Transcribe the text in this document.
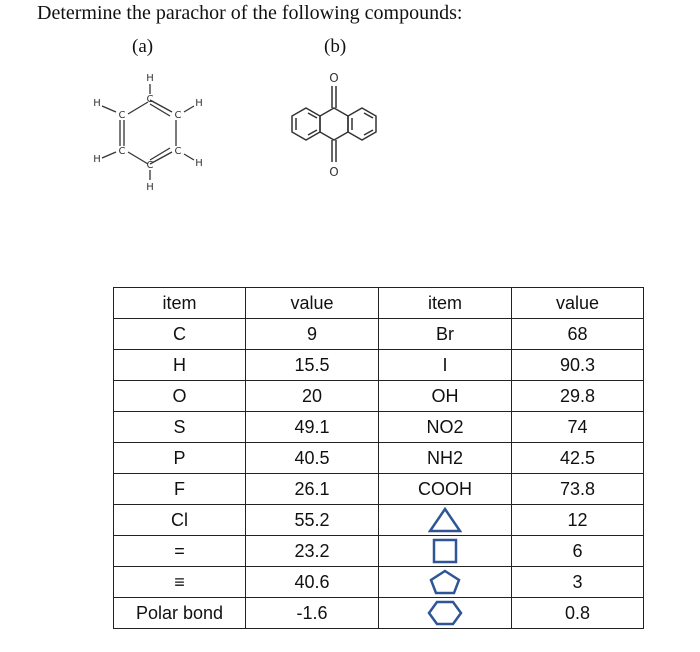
Determine the parachor of the following compounds:
(a)	(b)
H
C
C
H
C
H
C
H
C
H
C
H
O
O
item	value	item	value
C	9	Br	68
H	15.5	I	90.3
O	20	OH	29.8
S	49.1	NO2	74
P	40.5	NH2	42.5
F	26.1	COOH	73.8
Cl	55.2		12
=	23.2		6
≡	40.6		3
Polar bond	-1.6		0.8
